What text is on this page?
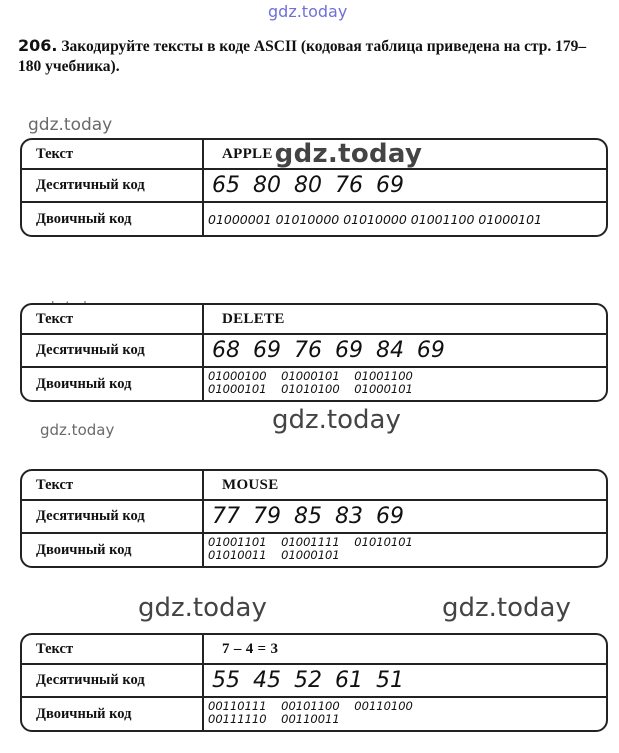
gdz.today
gdz.today
gdz.today	gdz.today
gdz.today	gdz.today
206. Закодируйте тексты в коде ASCII (кодовая таблица приведена на стр. 179–180 учебника).
Текст	APPLE gdz.today
Десятичный код	65 80 80 76 69
Двоичный код	01000001 01010000 01010000 01001100 01000101
Текст	DELETE
Десятичный код	68 69 76 69 84 69
Двоичный код	01000100    01000101    01001100
01000101    01010100    01000101
Текст	MOUSE
Десятичный код	77 79 85 83 69
Двоичный код	01001101    01001111    01010101
01010011    01000101
Текст	7 – 4 = 3
Десятичный код	55 45 52 61 51
Двоичный код	00110111    00101100    00110100
00111110    00110011
